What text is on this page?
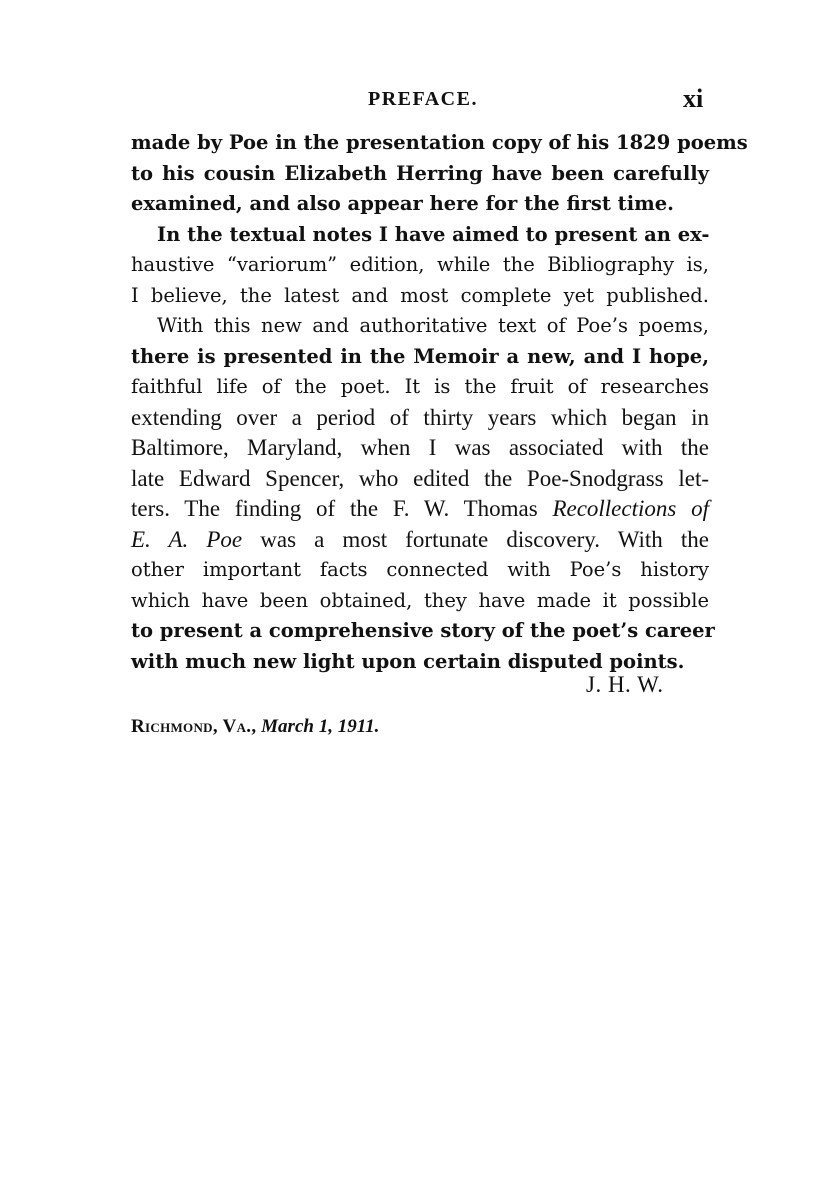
PREFACE.	xi
made by Poe in the presentation copy of his 1829 poems
to his cousin Elizabeth Herring have been carefully
examined, and also appear here for the first time.
In the textual notes I have aimed to present an ex-
haustive “variorum” edition, while the Bibliography is,
I believe, the latest and most complete yet published.
With this new and authoritative text of Poe’s poems,
there is presented in the Memoir a new, and I hope,
faithful life of the poet. It is the fruit of researches
extending over a period of thirty years which began in
Baltimore, Maryland, when I was associated with the
late Edward Spencer, who edited the Poe-Snodgrass let-
ters. The finding of the F. W. Thomas Recollections of
E. A. Poe was a most fortunate discovery. With the
other important facts connected with Poe’s history
which have been obtained, they have made it possible
to present a comprehensive story of the poet’s career
with much new light upon certain disputed points.
J. H. W.
Richmond, Va., March 1, 1911.
